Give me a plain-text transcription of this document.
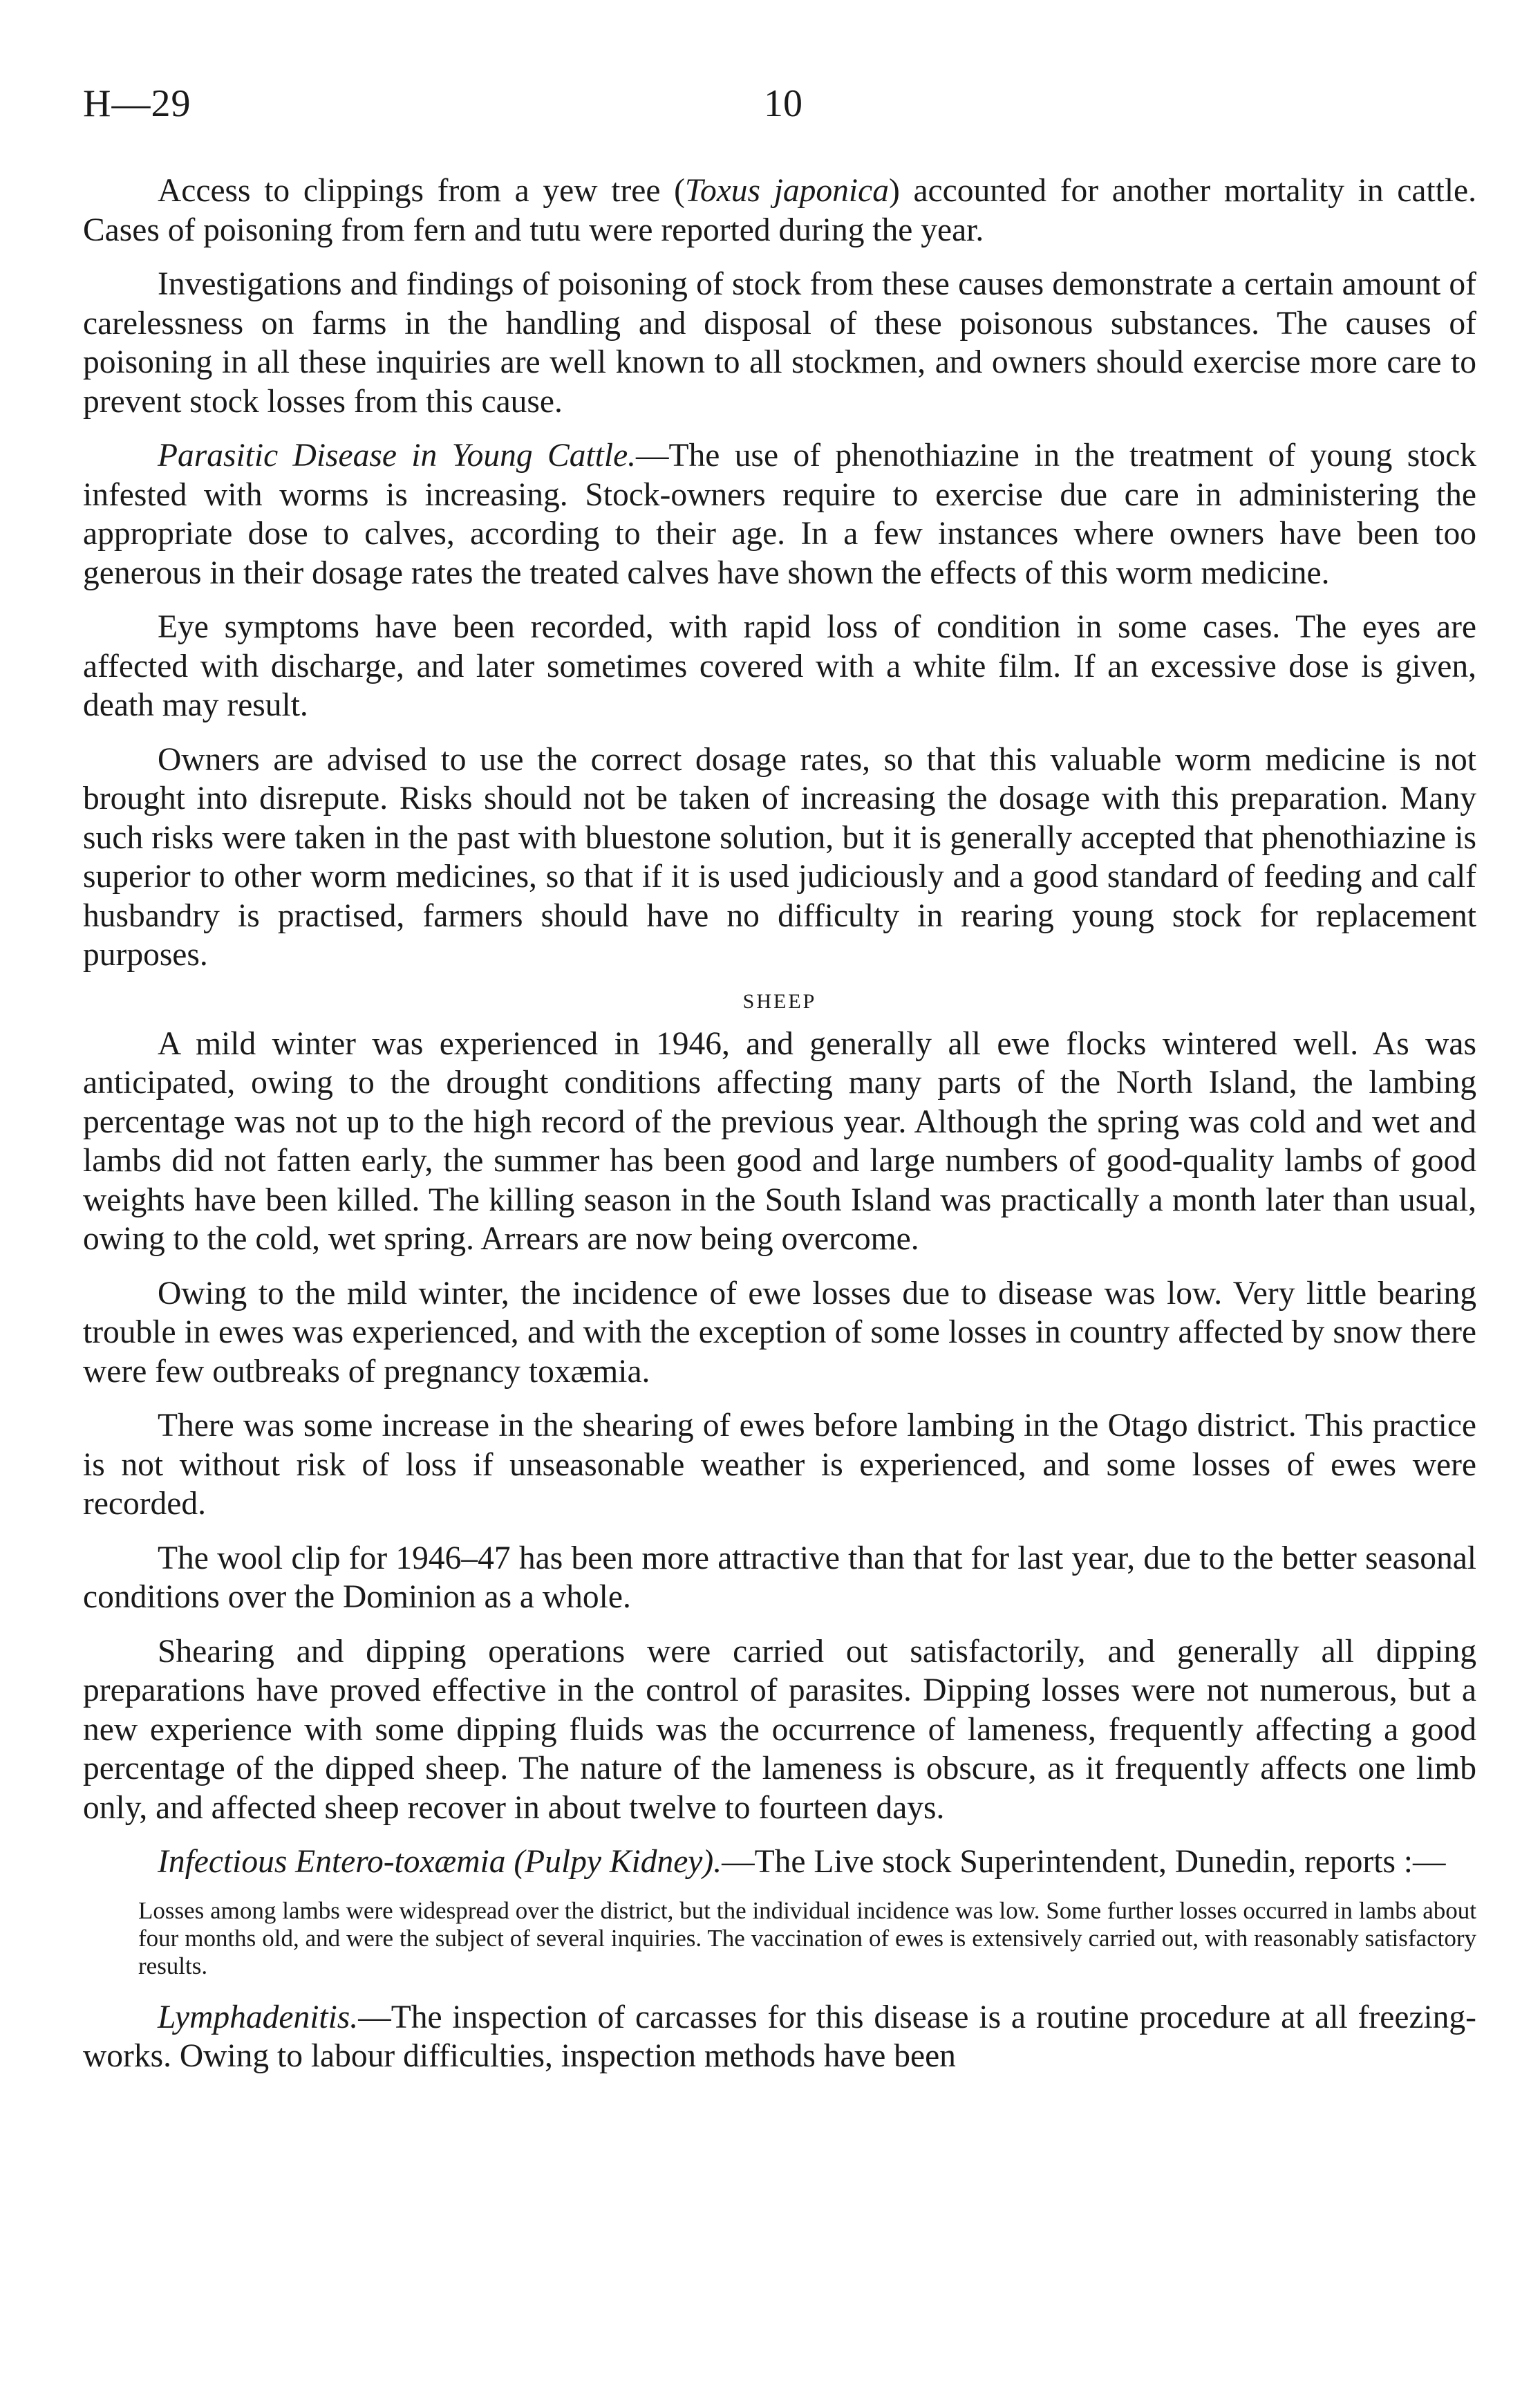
H—29	10

Access to clippings from a yew tree (Toxus japonica) accounted for another mortality in cattle. Cases of poisoning from fern and tutu were reported during the year.

Investigations and findings of poisoning of stock from these causes demonstrate a certain amount of carelessness on farms in the handling and disposal of these poisonous substances. The causes of poisoning in all these inquiries are well known to all stockmen, and owners should exercise more care to prevent stock losses from this cause.

Parasitic Disease in Young Cattle.—The use of phenothiazine in the treatment of young stock infested with worms is increasing. Stock-owners require to exercise due care in administering the appropriate dose to calves, according to their age. In a few instances where owners have been too generous in their dosage rates the treated calves have shown the effects of this worm medicine.

Eye symptoms have been recorded, with rapid loss of condition in some cases. The eyes are affected with discharge, and later sometimes covered with a white film. If an excessive dose is given, death may result.

Owners are advised to use the correct dosage rates, so that this valuable worm medicine is not brought into disrepute. Risks should not be taken of increasing the dosage with this preparation. Many such risks were taken in the past with bluestone solution, but it is generally accepted that phenothiazine is superior to other worm medicines, so that if it is used judiciously and a good standard of feeding and calf husbandry is practised, farmers should have no difficulty in rearing young stock for replacement purposes.

SHEEP

A mild winter was experienced in 1946, and generally all ewe flocks wintered well. As was anticipated, owing to the drought conditions affecting many parts of the North Island, the lambing percentage was not up to the high record of the previous year. Although the spring was cold and wet and lambs did not fatten early, the summer has been good and large numbers of good-quality lambs of good weights have been killed. The killing season in the South Island was practically a month later than usual, owing to the cold, wet spring. Arrears are now being overcome.

Owing to the mild winter, the incidence of ewe losses due to disease was low. Very little bearing trouble in ewes was experienced, and with the exception of some losses in country affected by snow there were few outbreaks of pregnancy toxæmia.

There was some increase in the shearing of ewes before lambing in the Otago district. This practice is not without risk of loss if unseasonable weather is experienced, and some losses of ewes were recorded.

The wool clip for 1946–47 has been more attractive than that for last year, due to the better seasonal conditions over the Dominion as a whole.

Shearing and dipping operations were carried out satisfactorily, and generally all dipping preparations have proved effective in the control of parasites. Dipping losses were not numerous, but a new experience with some dipping fluids was the occurrence of lameness, frequently affecting a good percentage of the dipped sheep. The nature of the lameness is obscure, as it frequently affects one limb only, and affected sheep recover in about twelve to fourteen days.

Infectious Entero-toxæmia (Pulpy Kidney).—The Live stock Superintendent, Dunedin, reports :—

Losses among lambs were widespread over the district, but the individual incidence was low. Some further losses occurred in lambs about four months old, and were the subject of several inquiries. The vaccination of ewes is extensively carried out, with reasonably satisfactory results.

Lymphadenitis.—The inspection of carcasses for this disease is a routine procedure at all freezing-works. Owing to labour difficulties, inspection methods have been
